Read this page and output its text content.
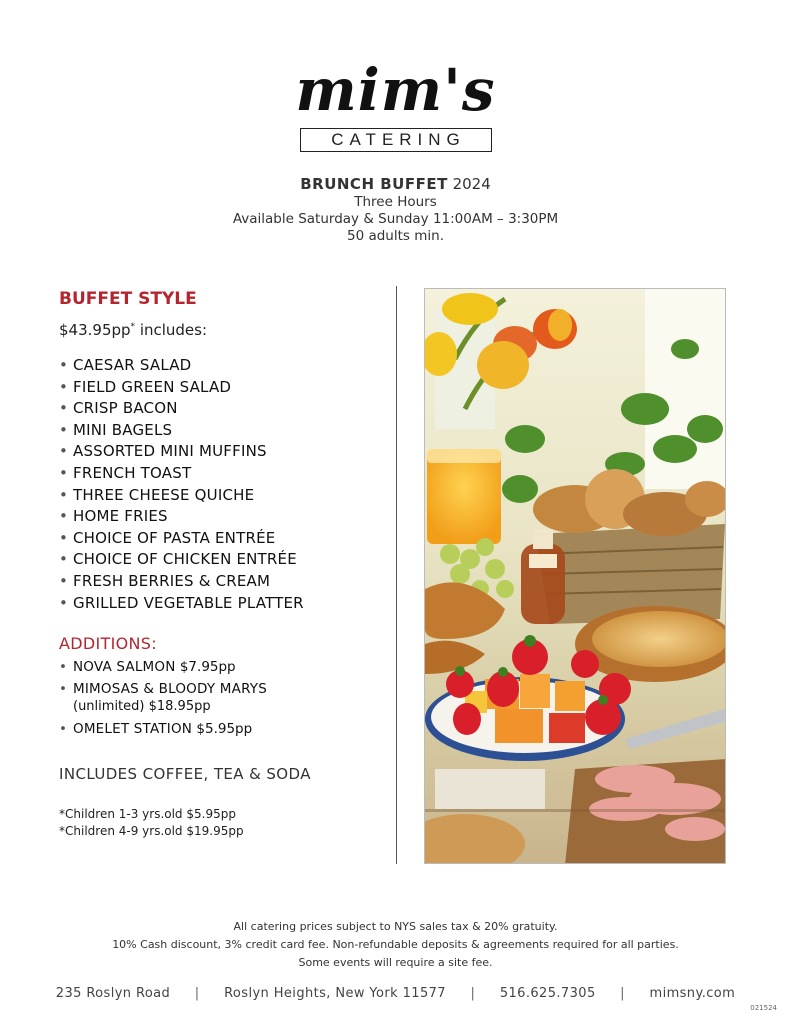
mim's
CATERING
BRUNCH BUFFET 2024
Three Hours
Available Saturday & Sunday 11:00AM – 3:30PM
50 adults min.
BUFFET STYLE
$43.95pp* includes:
• CAESAR SALAD
• FIELD GREEN SALAD
• CRISP BACON
• MINI BAGELS
• ASSORTED MINI MUFFINS
• FRENCH TOAST
• THREE CHEESE QUICHE
• HOME FRIES
• CHOICE OF PASTA ENTRÉE
• CHOICE OF CHICKEN ENTRÉE
• FRESH BERRIES & CREAM
• GRILLED VEGETABLE PLATTER
ADDITIONS:
• NOVA SALMON $7.95pp
• MIMOSAS & BLOODY MARYS
(unlimited) $18.95pp
• OMELET STATION $5.95pp
INCLUDES COFFEE, TEA & SODA
*Children 1-3 yrs.old $5.95pp
*Children 4-9 yrs.old $19.95pp
All catering prices subject to NYS sales tax & 20% gratuity.
10% Cash discount, 3% credit card fee. Non-refundable deposits & agreements required for all parties.
Some events will require a site fee.
235 Roslyn Road | Roslyn Heights, New York 11577 | 516.625.7305 | mimsny.com
021524
